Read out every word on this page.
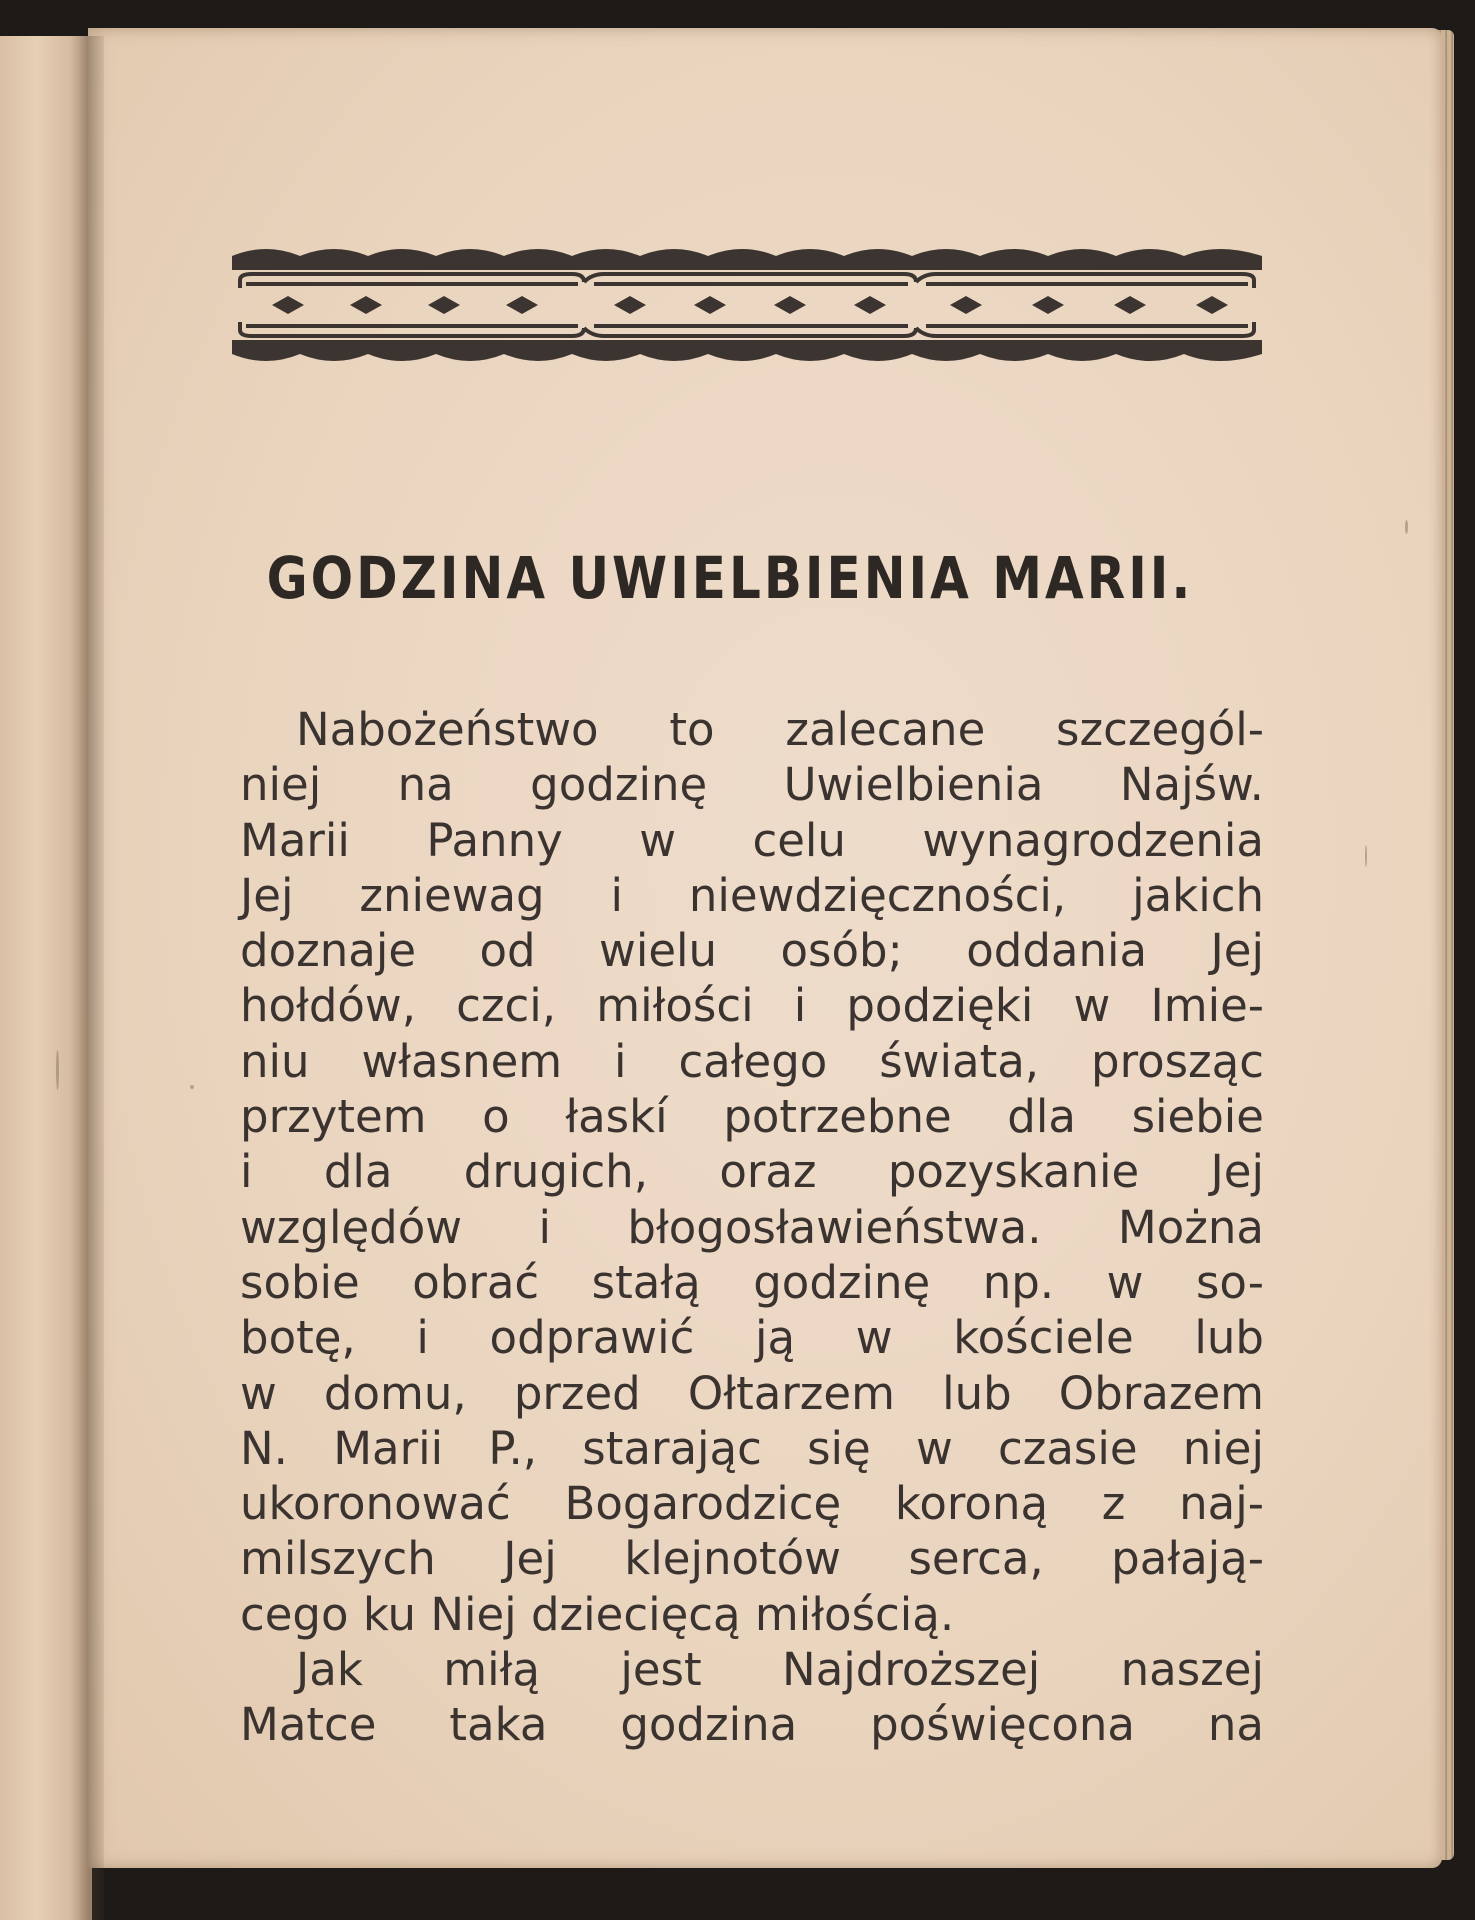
GODZINA UWIELBIENIA MARII.
Nabożeństwo to zalecane szczegól-
niej na godzinę Uwielbienia Najśw.
Marii Panny w celu wynagrodzenia
Jej zniewag i niewdzięczności, jakich
doznaje od wielu osób; oddania Jej
hołdów, czci, miłości i podzięki w Imie-
niu własnem i całego świata, prosząc
przytem o łaskí potrzebne dla siebie
i dla drugich, oraz pozyskanie Jej
względów i błogosławieństwa. Można
sobie obrać stałą godzinę np. w so-
botę, i odprawić ją w kościele lub
w domu, przed Ołtarzem lub Obrazem
N. Marii P., starając się w czasie niej
ukoronować Bogarodzicę koroną z naj-
milszych Jej klejnotów serca, pałają-
cego ku Niej dziecięcą miłością.
Jak miłą jest Najdroższej naszej
Matce taka godzina poświęcona na
